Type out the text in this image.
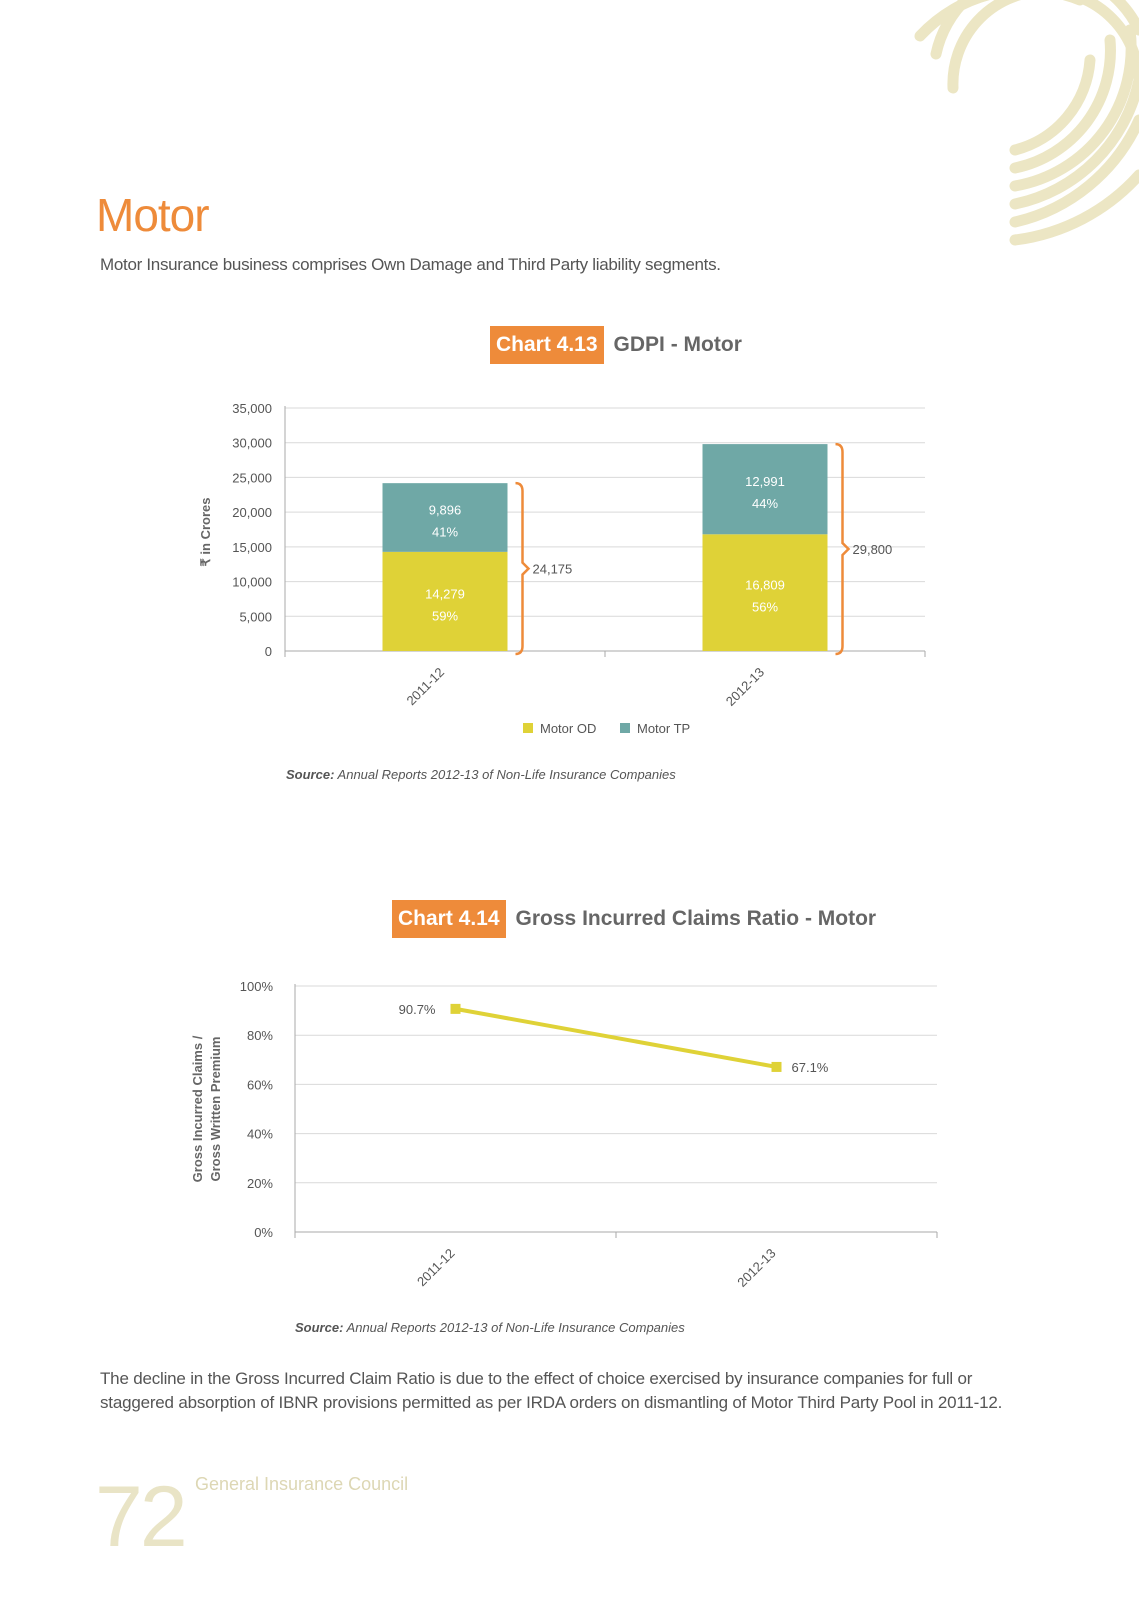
Motor
Motor Insurance business comprises Own Damage and Third Party liability segments.
Chart 4.13 GDPI - Motor
0
5,000
10,000
15,000
20,000
25,000
30,000
35,000
₹ in Crores
14,279
59%
9,896
41%
24,175
2011-12
16,809
56%
12,991
44%
29,800
2012-13
Motor OD	Motor TP
Source: Annual Reports 2012-13 of Non-Life Insurance Companies
Chart 4.14 Gross Incurred Claims Ratio - Motor
0%
20%
40%
60%
80%
100%
Gross Incurred Claims / Gross Written Premium
90.7%
2011-12
67.1%
2012-13
Source: Annual Reports 2012-13 of Non-Life Insurance Companies
The decline in the Gross Incurred Claim Ratio is due to the effect of choice exercised by insurance companies for full or staggered absorption of IBNR provisions permitted as per IRDA orders on dismantling of Motor Third Party Pool in 2011-12.
72 General Insurance Council
